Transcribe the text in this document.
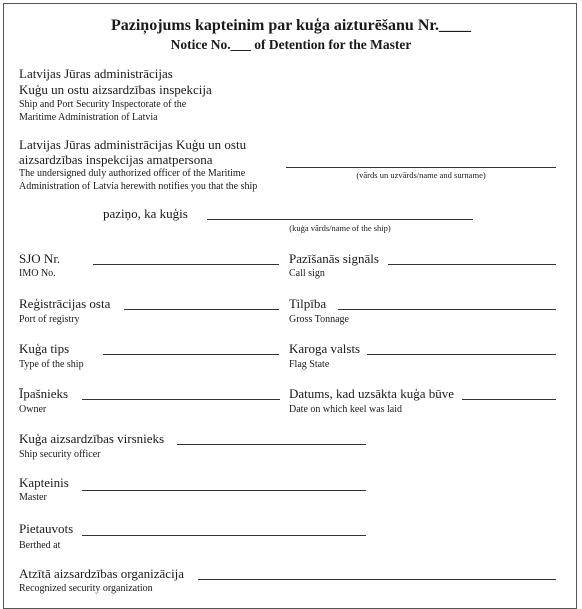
Paziņojums kapteinim par kuģa aizturēšanu Nr.____
Notice No.___ of Detention for the Master
Latvijas Jūras administrācijas
Kuģu un ostu aizsardzības inspekcija
Ship and Port Security Inspectorate of the
Maritime Administration of Latvia
Latvijas Jūras administrācijas Kuģu un ostu
aizsardzības inspekcijas amatpersona
The undersigned duly authorized officer of the Maritime
Administration of Latvia herewith notifies you that the ship
(vārds un uzvārds/name and surname)
paziņo, ka kuģis
(kuģa vārds/name of the ship)
SJO Nr.
IMO No.
Pazīšanās signāls
Call sign
Reģistrācijas osta
Port of registry
Tilpība
Gross Tonnage
Kuģa tips
Type of the ship
Karoga valsts
Flag State
Īpašnieks
Owner
Datums, kad uzsākta kuģa būve
Date on which keel was laid
Kuģa aizsardzības virsnieks
Ship security officer
Kapteinis
Master
Pietauvots
Berthed at
Atzītā aizsardzības organizācija
Recognized security organization
